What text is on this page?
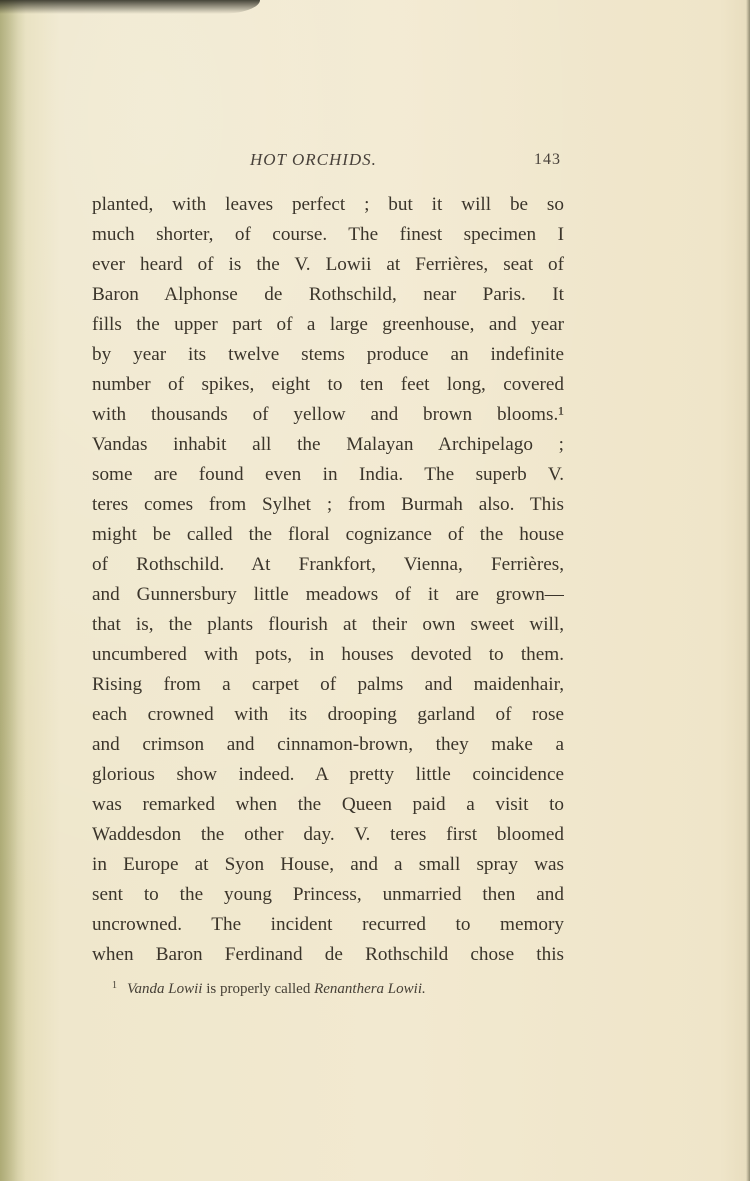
HOT ORCHIDS.	143
planted, with leaves perfect ; but it will be so
much shorter, of course. The finest specimen I
ever heard of is the V. Lowii at Ferrières, seat of
Baron Alphonse de Rothschild, near Paris. It
fills the upper part of a large greenhouse, and year
by year its twelve stems produce an indefinite
number of spikes, eight to ten feet long, covered
with thousands of yellow and brown blooms.¹
Vandas inhabit all the Malayan Archipelago ;
some are found even in India. The superb V.
teres comes from Sylhet ; from Burmah also. This
might be called the floral cognizance of the house
of Rothschild. At Frankfort, Vienna, Ferrières,
and Gunnersbury little meadows of it are grown—
that is, the plants flourish at their own sweet will,
uncumbered with pots, in houses devoted to them.
Rising from a carpet of palms and maidenhair,
each crowned with its drooping garland of rose
and crimson and cinnamon-brown, they make a
glorious show indeed. A pretty little coincidence
was remarked when the Queen paid a visit to
Waddesdon the other day. V. teres first bloomed
in Europe at Syon House, and a small spray was
sent to the young Princess, unmarried then and
uncrowned. The incident recurred to memory
when Baron Ferdinand de Rothschild chose this
$^1$ Vanda Lowii is properly called Renanthera Lowii.
